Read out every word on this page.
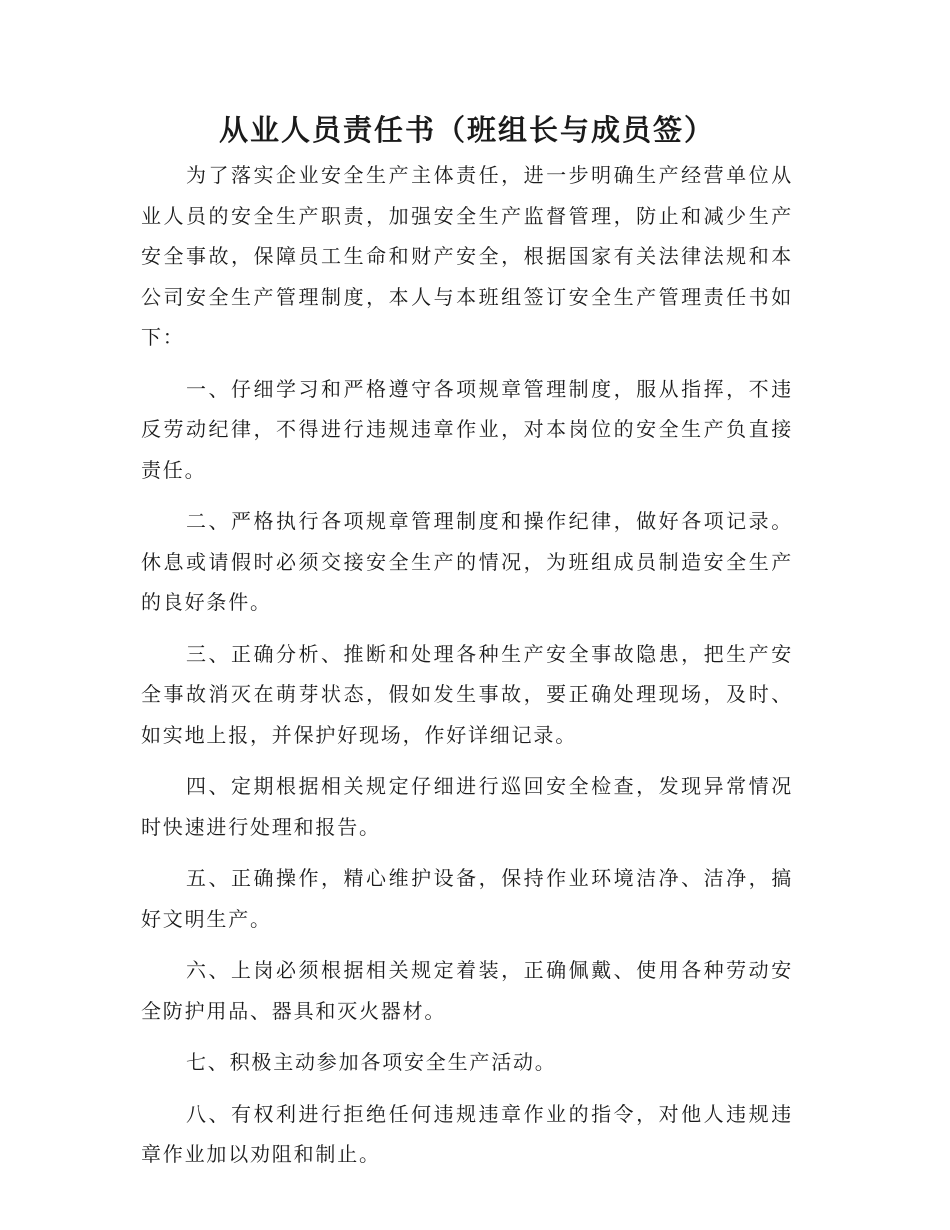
从业人员责任书（班组长与成员签）

为了落实企业安全生产主体责任，进一步明确生产经营单位从业人员的安全生产职责，加强安全生产监督管理，防止和减少生产安全事故，保障员工生命和财产安全，根据国家有关法律法规和本公司安全生产管理制度，本人与本班组签订安全生产管理责任书如下：

一、仔细学习和严格遵守各项规章管理制度，服从指挥，不违反劳动纪律，不得进行违规违章作业，对本岗位的安全生产负直接责任。

二、严格执行各项规章管理制度和操作纪律，做好各项记录。休息或请假时必须交接安全生产的情况，为班组成员制造安全生产的良好条件。

三、正确分析、推断和处理各种生产安全事故隐患，把生产安全事故消灭在萌芽状态，假如发生事故，要正确处理现场，及时、如实地上报，并保护好现场，作好详细记录。

四、定期根据相关规定仔细进行巡回安全检查，发现异常情况时快速进行处理和报告。

五、正确操作，精心维护设备，保持作业环境洁净、洁净，搞好文明生产。

六、上岗必须根据相关规定着装，正确佩戴、使用各种劳动安全防护用品、器具和灭火器材。

七、积极主动参加各项安全生产活动。

八、有权利进行拒绝任何违规违章作业的指令，对他人违规违章作业加以劝阻和制止。
